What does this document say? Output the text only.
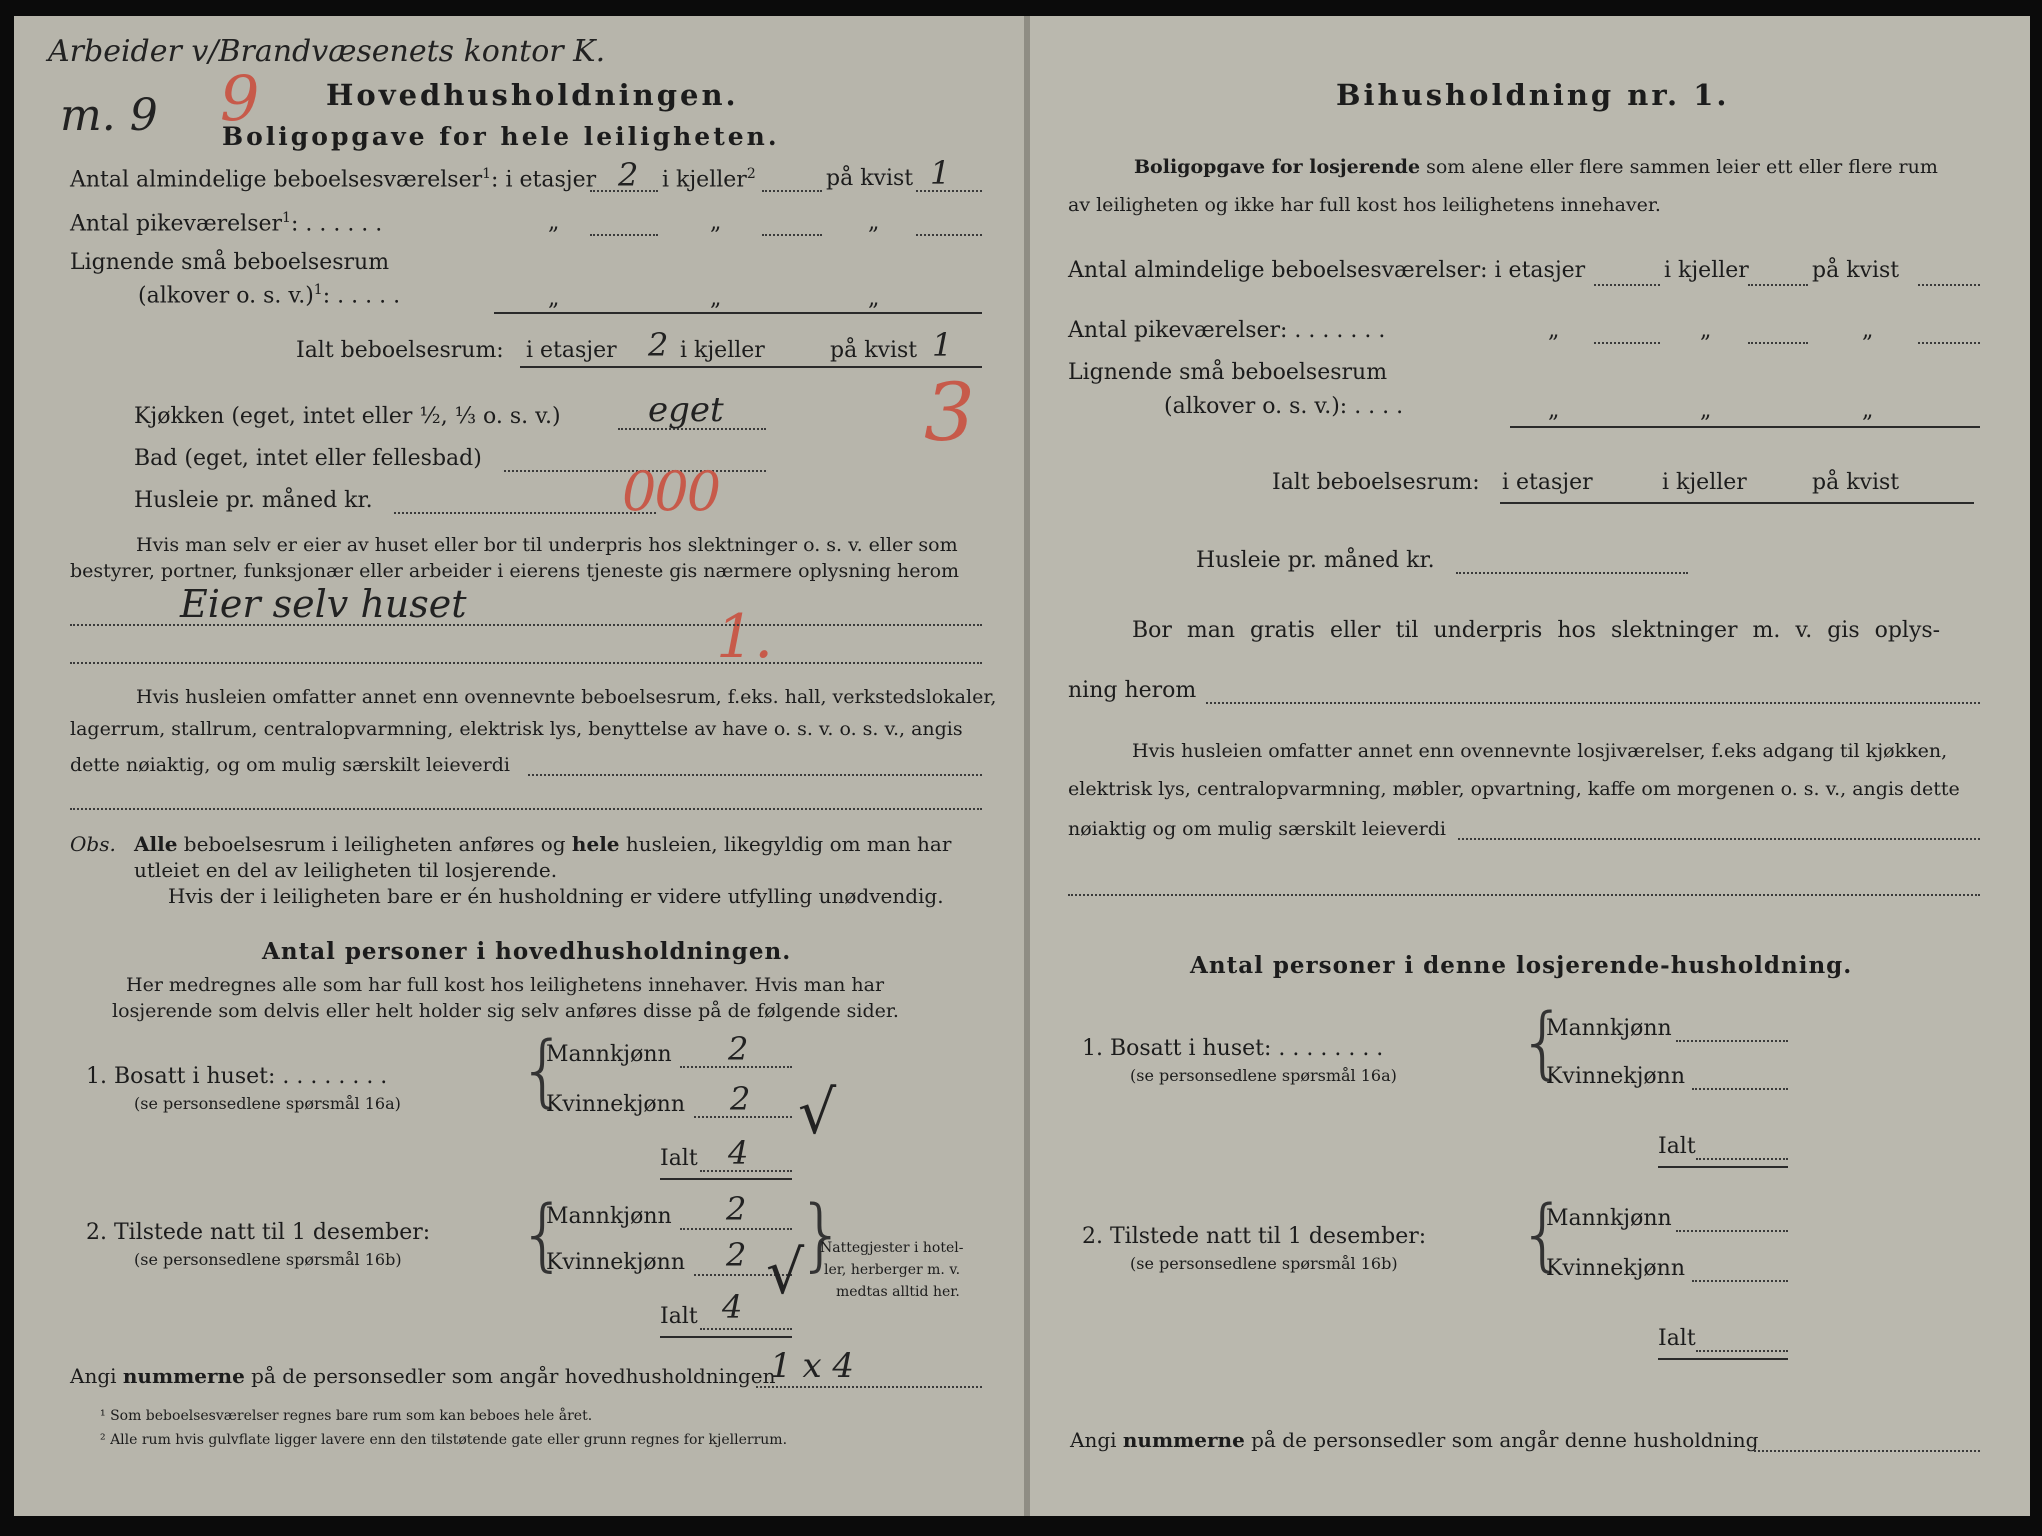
Arbeider v/Brandvæsenets kontor K.
m. 9 9 Hovedhusholdningen.
Boligopgave for hele leiligheten.
Antal almindelige beboelsesværelser$^1$: i etasjer 2 i kjeller$^2$	på kvist 1
Antal pikeværelser$^1$: . . . . . .	„	„	„
Lignende små beboelsesrum
(alkover o. s. v.)$^1$: . . . . .	„	„	„
Ialt beboelsesrum: i etasjer 2 i kjeller	på kvist 1
Kjøkken (eget, intet eller ½, ⅓ o. s. v.)	eget	3
Bad (eget, intet eller fellesbad)
Husleie pr. måned kr.	000
Hvis man selv er eier av huset eller bor til underpris hos slektninger o. s. v. eller som
bestyrer, portner, funksjonær eller arbeider i eierens tjeneste gis nærmere oplysning herom
Eier selv huset	1.
Hvis husleien omfatter annet enn ovennevnte beboelsesrum, f.eks. hall, verkstedslokaler,
lagerrum, stallrum, centralopvarmning, elektrisk lys, benyttelse av have o. s. v. o. s. v., angis
dette nøiaktig, og om mulig særskilt leieverdi
Obs. Alle beboelsesrum i leiligheten anføres og hele husleien, likegyldig om man har
utleiet en del av leiligheten til losjerende.
Hvis der i leiligheten bare er én husholdning er videre utfylling unødvendig.
Antal personer i hovedhusholdningen.
Her medregnes alle som har full kost hos leilighetens innehaver. Hvis man har
losjerende som delvis eller helt holder sig selv anføres disse på de følgende sider.
1. Bosatt i huset: . . . . . . . .
(se personsedlene spørsmål 16a) {
Mannkjønn 2
Kvinnekjønn 2 √
Ialt 4
2. Tilstede natt til 1 desember:
(se personsedlene spørsmål 16b) {
Mannkjønn 2
Kvinnekjønn 2 √
Ialt 4
{
Nattegjester i hotel-
ler, herberger m. v.
medtas alltid her.
Angi nummerne på de personsedler som angår hovedhusholdningen
1 x 4
¹ Som beboelsesværelser regnes bare rum som kan beboes hele året.
² Alle rum hvis gulvflate ligger lavere enn den tilstøtende gate eller grunn regnes for kjellerrum.
Bihusholdning nr. 1.
Boligopgave for losjerende som alene eller flere sammen leier ett eller flere rum
av leiligheten og ikke har full kost hos leilighetens innehaver.
Antal almindelige beboelsesværelser: i etasjer	i kjeller	på kvist
Antal pikeværelser: . . . . . . .	„	„	„
Lignende små beboelsesrum
(alkover o. s. v.): . . . .	„	„	„
Ialt beboelsesrum: i etasjer	i kjeller	på kvist
Husleie pr. måned kr.
Bor man gratis eller til underpris hos slektninger m. v. gis oplys-
ning herom
Hvis husleien omfatter annet enn ovennevnte losjiværelser, f.eks adgang til kjøkken,
elektrisk lys, centralopvarmning, møbler, opvartning, kaffe om morgenen o. s. v., angis dette
nøiaktig og om mulig særskilt leieverdi
Antal personer i denne losjerende-husholdning.
1. Bosatt i huset: . . . . . . . .
(se personsedlene spørsmål 16a) {
Mannkjønn
Kvinnekjønn
Ialt
2. Tilstede natt til 1 desember:
(se personsedlene spørsmål 16b) {
Mannkjønn
Kvinnekjønn
Ialt
Angi nummerne på de personsedler som angår denne husholdning
